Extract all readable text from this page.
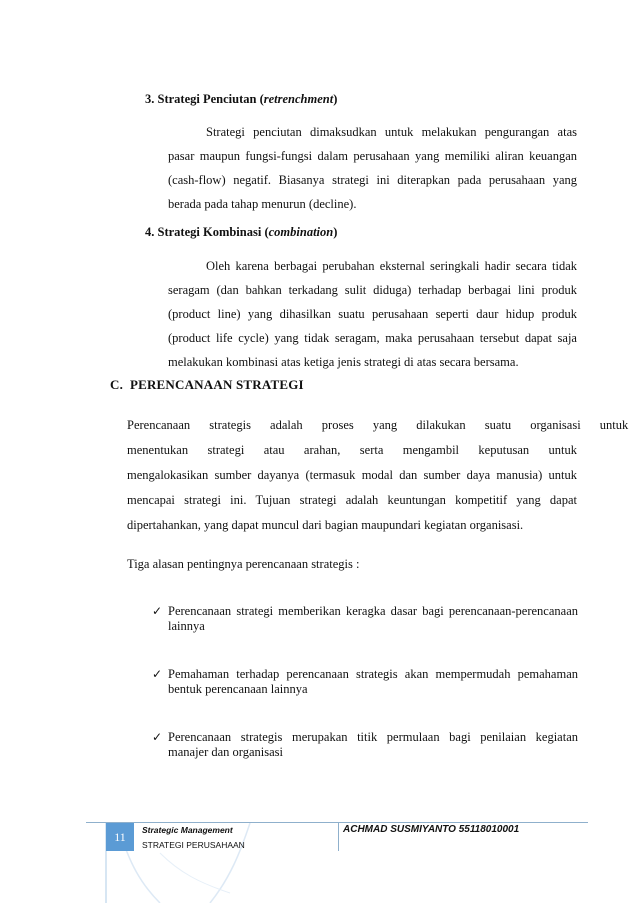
3. Strategi Penciutan (retrenchment)
Strategi penciutan dimaksudkan untuk melakukan pengurangan atas
pasar maupun fungsi-fungsi dalam perusahaan yang memiliki aliran keuangan
(cash-flow) negatif. Biasanya strategi ini diterapkan pada perusahaan yang
berada pada tahap menurun (decline).
4. Strategi Kombinasi (combination)
Oleh karena berbagai perubahan eksternal seringkali hadir secara tidak
seragam (dan bahkan terkadang sulit diduga) terhadap berbagai lini produk
(product line) yang dihasilkan suatu perusahaan seperti daur hidup produk
(product life cycle) yang tidak seragam, maka perusahaan tersebut dapat saja
melakukan kombinasi atas ketiga jenis strategi di atas secara bersama.
C.  PERENCANAAN STRATEGI
Perencanaan strategis adalah proses yang dilakukan suatu organisasi untuk
menentukan strategi atau arahan, serta mengambil keputusan untuk
mengalokasikan sumber dayanya (termasuk modal dan sumber daya manusia) untuk
mencapai strategi ini. Tujuan strategi adalah keuntungan kompetitif yang dapat
dipertahankan, yang dapat muncul dari bagian maupundari kegiatan organisasi.
Tiga alasan pentingnya perencanaan strategis :
✓ Perencanaan strategi memberikan keragka dasar bagi perencanaan-perencanaan
lainnya
✓ Pemahaman terhadap perencanaan strategis akan mempermudah pemahaman
bentuk perencanaan lainnya
✓ Perencanaan strategis merupakan titik permulaan bagi penilaian kegiatan
manajer dan organisasi
11	Strategic Management
STRATEGI PERUSAHAAN
ACHMAD SUSMIYANTO 55118010001
